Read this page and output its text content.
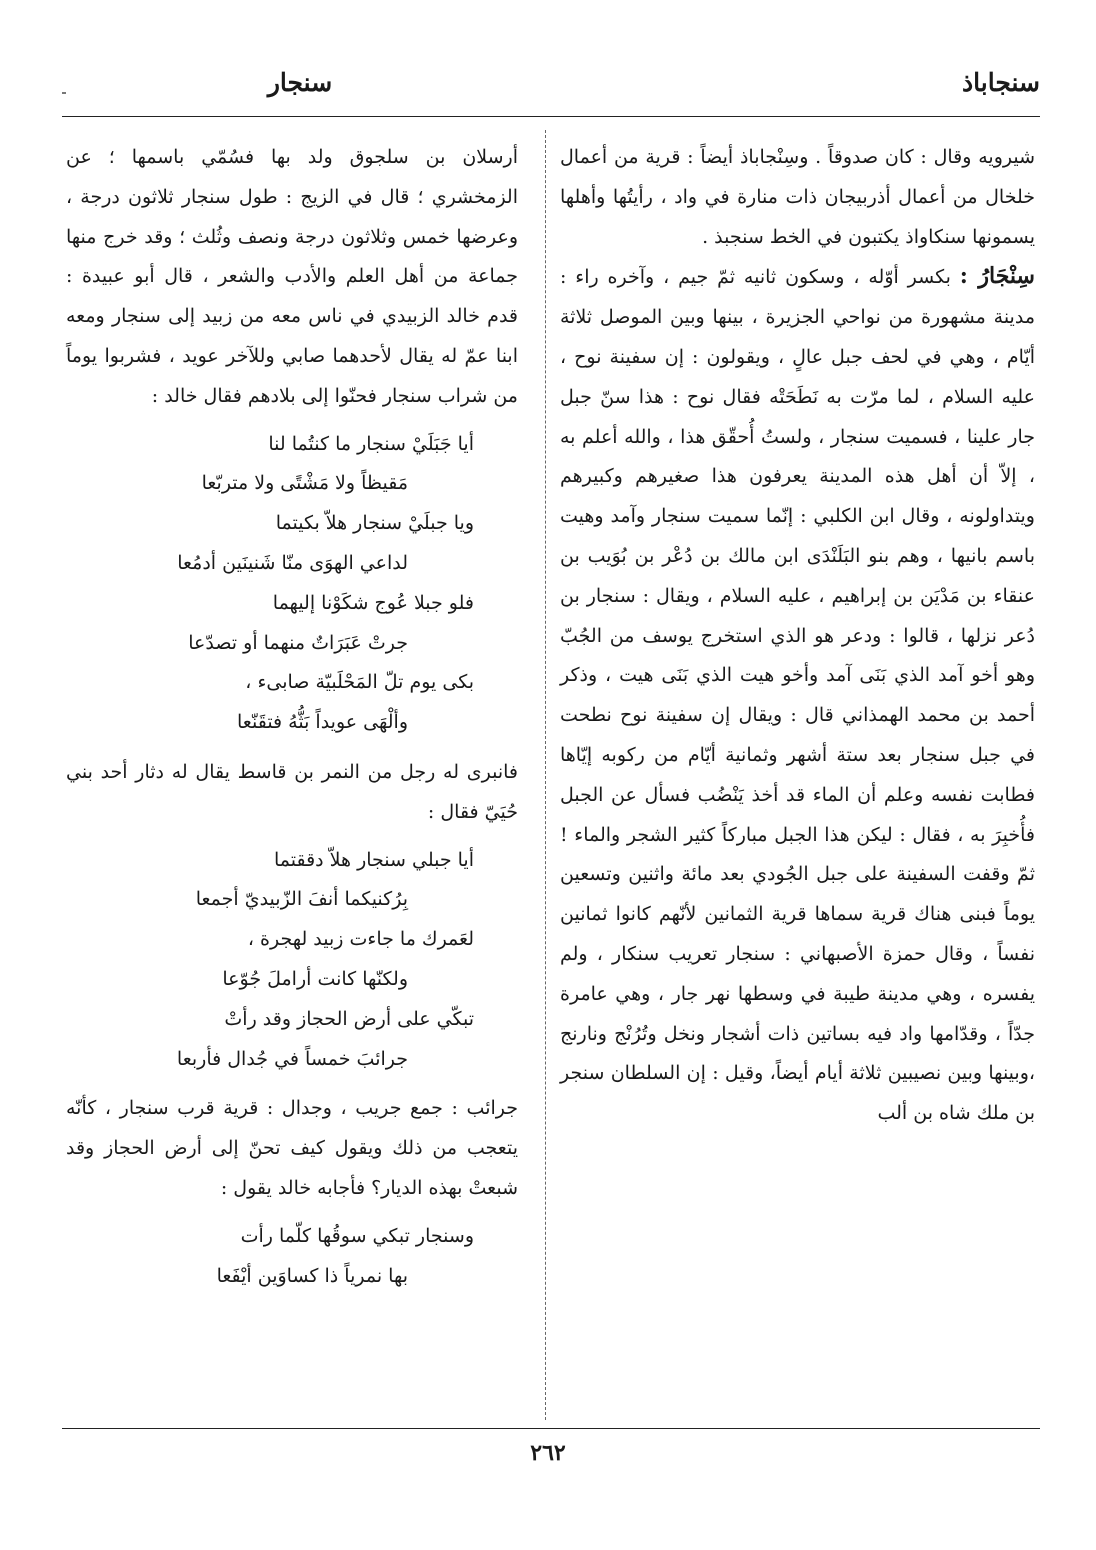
سنجاباذ
سنجار

شيرويه وقال : كان صدوقاً . وسِنْجاباذ أيضاً : قرية من أعمال خلخال من أعمال أذربيجان ذات منارة في واد ، رأيتُها وأهلها يسمونها سنكاواذ يكتبون في الخط سنجبذ .

سِنْجَارُ : بكسر أوّله ، وسكون ثانيه ثمّ جيم ، وآخره راء : مدينة مشهورة من نواحي الجزيرة ، بينها وبين الموصل ثلاثة أيّام ، وهي في لحف جبل عالٍ ، ويقولون : إن سفينة نوح ، عليه السلام ، لما مرّت به نَطَحَتْه فقال نوح : هذا سنّ جبل جار علينا ، فسميت سنجار ، ولستُ أُحقّق هذا ، والله أعلم به ، إلاّ أن أهل هذه المدينة يعرفون هذا صغيرهم وكبيرهم ويتداولونه ، وقال ابن الكلبي : إنّما سميت سنجار وآمد وهيت باسم بانيها ، وهم بنو البَلَنْدَى ابن مالك بن دُعْر بن بُوَيب بن عنقاء بن مَدْيَن بن إبراهيم ، عليه السلام ، ويقال : سنجار بن دُعر نزلها ، قالوا : ودعر هو الذي استخرج يوسف من الجُبّ وهو أخو آمد الذي بَنَى آمد وأخو هيت الذي بَنَى هيت ، وذكر أحمد بن محمد الهمذاني قال : ويقال إن سفينة نوح نطحت في جبل سنجار بعد ستة أشهر وثمانية أيّام من ركوبه إيّاها فطابت نفسه وعلم أن الماء قد أخذ يَنْضُب فسأل عن الجبل فأُخبِرَ به ، فقال : ليكن هذا الجبل مباركاً كثير الشجر والماء ! ثمّ وقفت السفينة على جبل الجُودي بعد مائة واثنين وتسعين يوماً فبنى هناك قرية سماها قرية الثمانين لأنّهم كانوا ثمانين نفساً ، وقال حمزة الأصبهاني : سنجار تعريب سنكار ، ولم يفسره ، وهي مدينة طيبة في وسطها نهر جار ، وهي عامرة جدّاً ، وقدّامها واد فيه بساتين ذات أشجار ونخل وتُرُنْج ونارنج ،وبينها وبين نصيبين ثلاثة أيام أيضاً، وقيل : إن السلطان سنجر بن ملك شاه بن ألب

أرسلان بن سلجوق ولد بها فسُمّي باسمها ؛ عن الزمخشري ؛ قال في الزيج : طول سنجار ثلاثون درجة ، وعرضها خمس وثلاثون درجة ونصف وثُلث ؛ وقد خرج منها جماعة من أهل العلم والأدب والشعر ، قال أبو عبيدة : قدم خالد الزبيدي في ناس معه من زبيد إلى سنجار ومعه ابنا عمّ له يقال لأحدهما صابي وللآخر عويد ، فشربوا يوماً من شراب سنجار فحنّوا إلى بلادهم فقال خالد :

أيا جَبَلَيْ سنجار ما كنتُما لنا
مَقيظاً ولا مَشْتًى ولا متربّعا
ويا جبلَيْ سنجار هلاّ بكيتما
لداعي الهوَى منّا شَنينَين أدمُعا
فلو جبلا عُوج شكَوْنا إليهما
جرتْ عَبَرَاتٌ منهما أو تصدّعا
بكى يوم تلّ المَحْلَبيّة صابىء ،
وألْهَى عويداً بَثُّهُ فتقَنّعا

فانبرى له رجل من النمر بن قاسط يقال له دثار أحد بني حُيَيّ فقال :

أيا جبلي سنجار هلاّ دققتما
بِرُكنيكما أنفَ الزّبيديّ أجمعا
لعَمرك ما جاءت زبيد لهجرة ،
ولكنّها كانت أراملَ جُوّعا
تبكّي على أرض الحجاز وقد رأتْ
جرائبَ خمساً في جُدال فأربعا

جرائب : جمع جريب ، وجدال : قرية قرب سنجار ، كأنّه يتعجب من ذلك ويقول كيف تحنّ إلى أرض الحجاز وقد شبعتْ بهذه الديار؟ فأجابه خالد يقول :

وسنجار تبكي سوقُها كلّما رأت
بها نمرياً ذا كساوَين أيْفَعا
٢٦٢
